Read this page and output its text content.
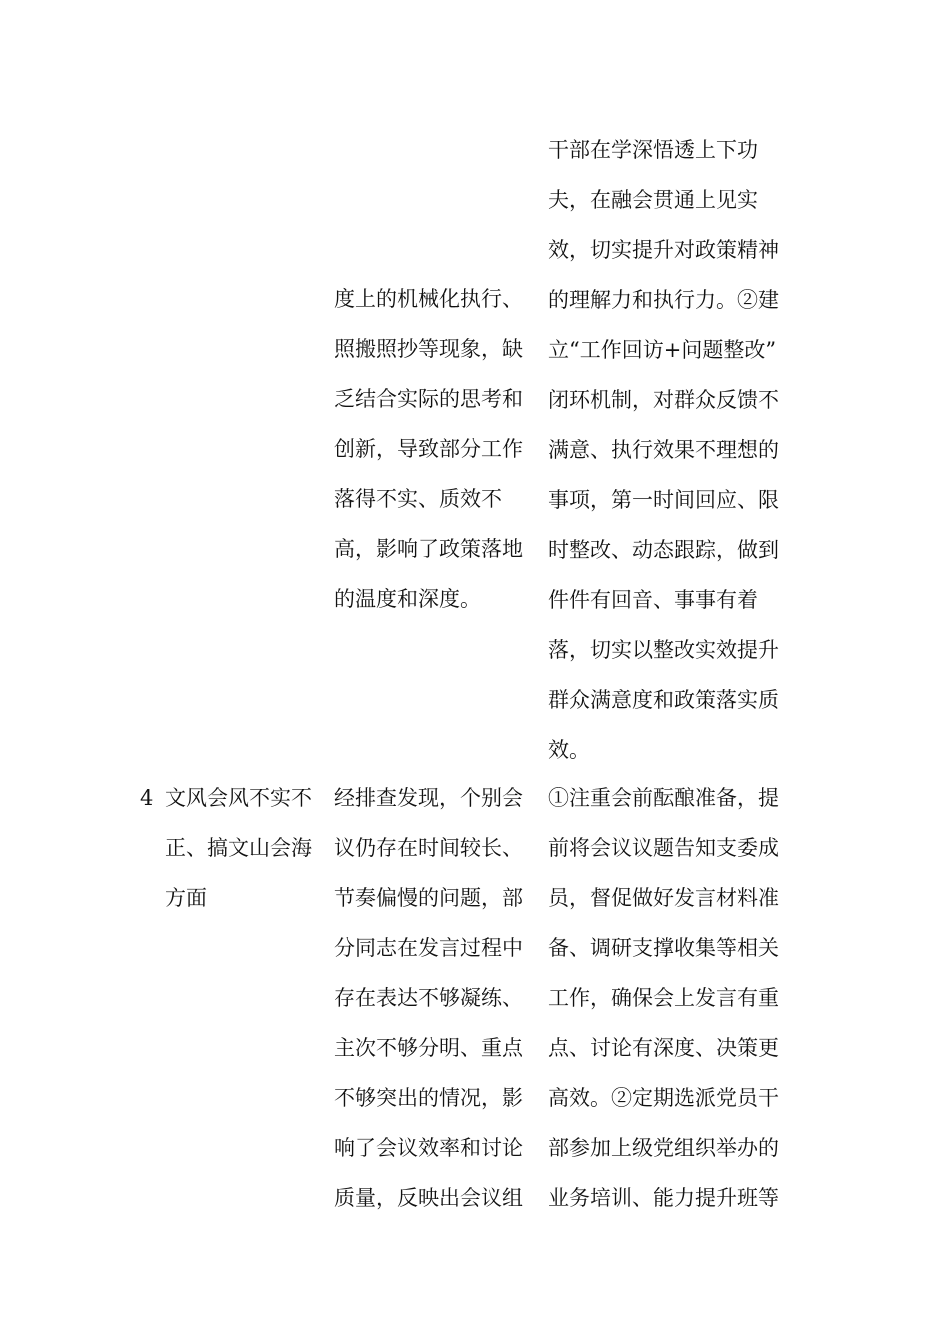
度上的机械化执行、
照搬照抄等现象，缺
乏结合实际的思考和
创新，导致部分工作
落得不实、质效不
高，影响了政策落地
的温度和深度。
干部在学深悟透上下功
夫，在融会贯通上见实
效，切实提升对政策精神
的理解力和执行力。②建
立“工作回访+问题整改”
闭环机制，对群众反馈不
满意、执行效果不理想的
事项，第一时间回应、限
时整改、动态跟踪，做到
件件有回音、事事有着
落，切实以整改实效提升
群众满意度和政策落实质
效。
4 文风会风不实不
正、搞文山会海
方面
经排查发现，个别会
议仍存在时间较长、
节奏偏慢的问题，部
分同志在发言过程中
存在表达不够凝练、
主次不够分明、重点
不够突出的情况，影
响了会议效率和讨论
质量，反映出会议组
①注重会前酝酿准备，提
前将会议议题告知支委成
员，督促做好发言材料准
备、调研支撑收集等相关
工作，确保会上发言有重
点、讨论有深度、决策更
高效。②定期选派党员干
部参加上级党组织举办的
业务培训、能力提升班等
